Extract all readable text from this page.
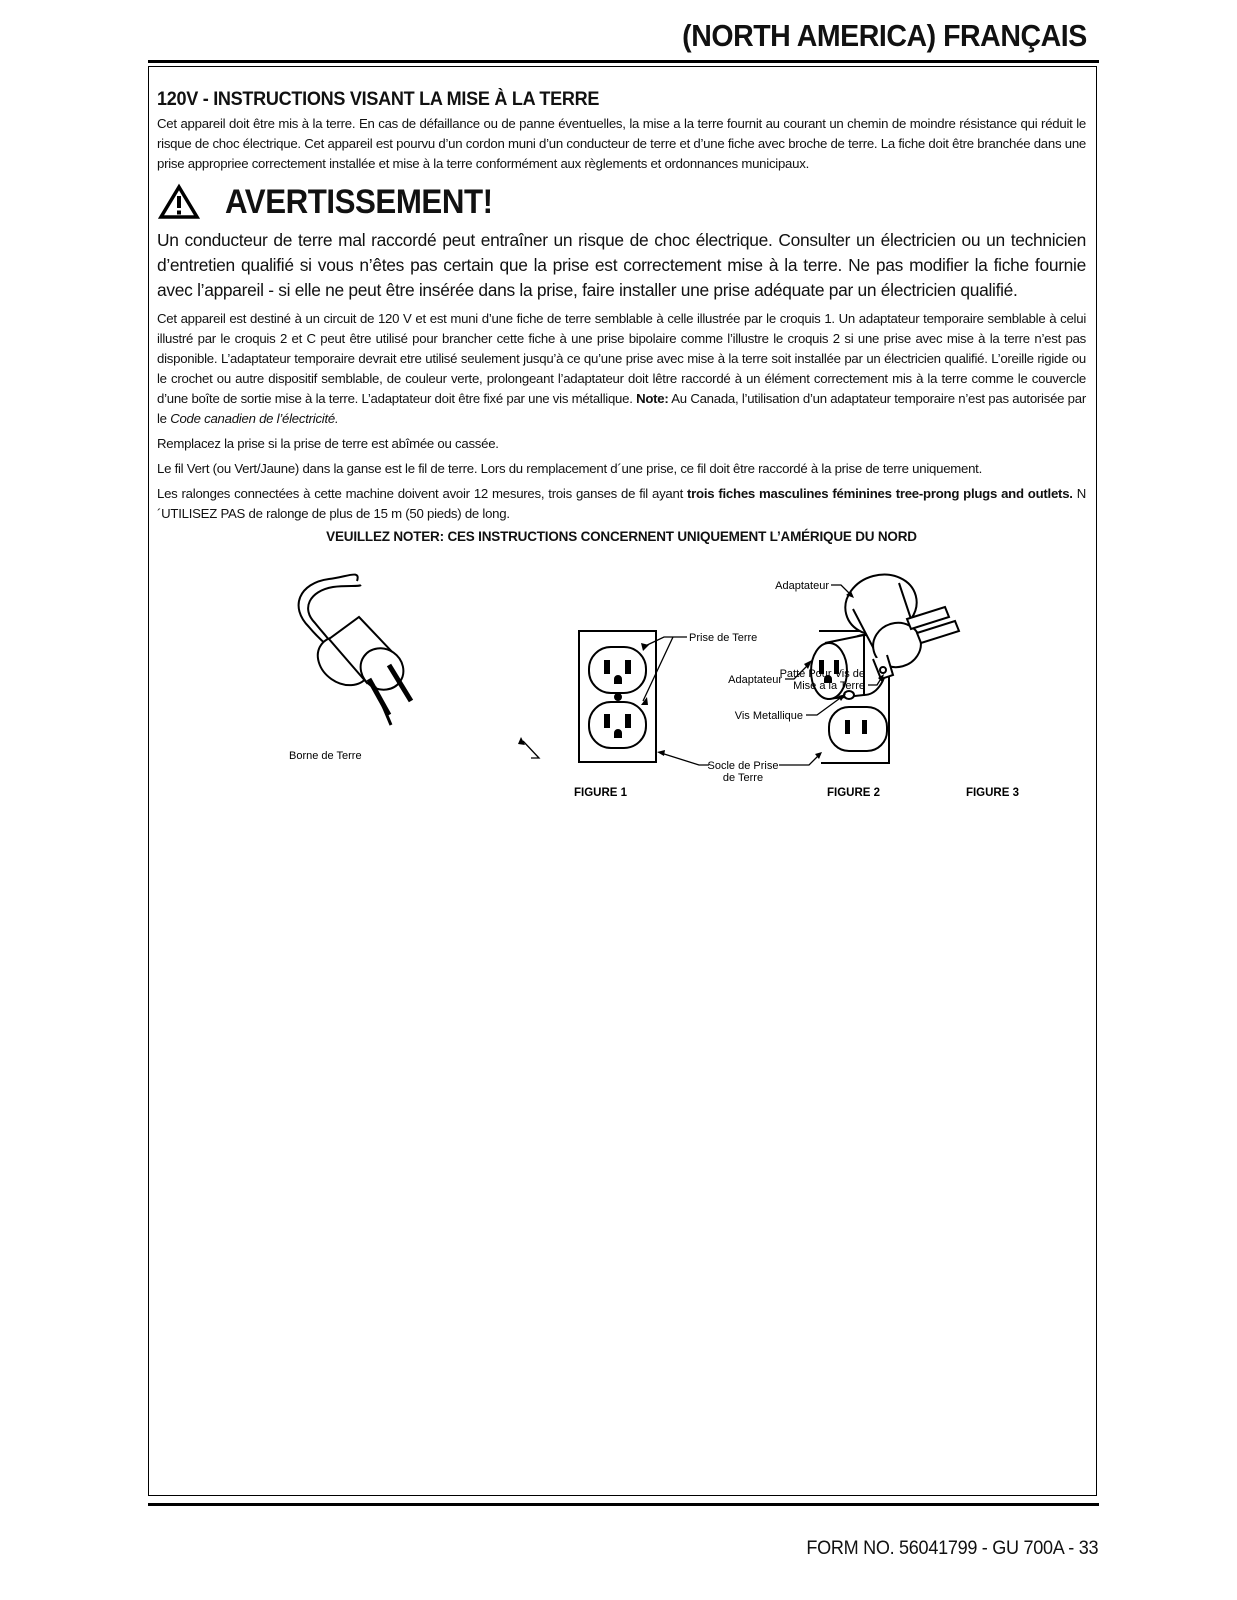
(NORTH AMERICA) FRANÇAIS
120V - INSTRUCTIONS VISANT LA MISE À LA TERRE

Cet appareil doit être mis à la terre. En cas de défaillance ou de panne éventuelles, la mise a la terre fournit au courant un chemin de moindre résistance qui réduit le risque de choc électrique. Cet appareil est pourvu d’un cordon muni d’un conducteur de terre et d’une fiche avec broche de terre. La fiche doit être branchée dans une prise appropriee correctement installée et mise à la terre conformément aux règlements et ordonnances municipaux.

AVERTISSEMENT!

Un conducteur de terre mal raccordé peut entraîner un risque de choc électrique. Consulter un électricien ou un technicien d’entretien qualifié si vous n’êtes pas certain que la prise est correctement mise à la terre. Ne pas modifier la fiche fournie avec l’appareil - si elle ne peut être insérée dans la prise, faire installer une prise adéquate par un électricien qualifié.

Cet appareil est destiné à un circuit de 120 V et est muni d’une fiche de terre semblable à celle illustrée par le croquis 1. Un adaptateur temporaire semblable à celui illustré par le croquis 2 et C peut être utilisé pour brancher cette fiche à une prise bipolaire comme l’illustre le croquis 2 si une prise avec mise à la terre n’est pas disponible. L’adaptateur temporaire devrait etre utilisé seulement jusqu’à ce qu’une prise avec mise à la terre soit installée par un électricien qualifié. L’oreille rigide ou le crochet ou autre dispositif semblable, de couleur verte, prolongeant l’adaptateur doit lêtre raccordé à un élément correctement mis à la terre comme le couvercle d’une boîte de sortie mise à la terre. L’adaptateur doit être fixé par une vis métallique. Note: Au Canada, l’utilisation d’un adaptateur temporaire n’est pas autorisée par le Code canadien de l’électricité.

Remplacez la prise si la prise de terre est abîmée ou cassée.

Le fil Vert (ou Vert/Jaune) dans la ganse est le fil de terre. Lors du remplacement d´une prise, ce fil doit être raccordé à la prise de terre uniquement.

Les ralonges connectées à cette machine doivent avoir 12 mesures, trois ganses de fil ayant trois fiches masculines féminines tree-prong plugs and outlets. N´UTILISEZ PAS de ralonge de plus de 15 m (50 pieds) de long.

VEUILLEZ NOTER: CES INSTRUCTIONS CONCERNENT UNIQUEMENT L’AMÉRIQUE DU NORD

Borne de Terre
Prise de Terre
Adaptateur
Vis Metallique
Socle de Prise
de Terre
FIGURE 1	FIGURE 2	FIGURE 3
Adaptateur
Patte Pour Vis de
Mise a la Terre
FORM NO. 56041799 - GU 700A - 33
